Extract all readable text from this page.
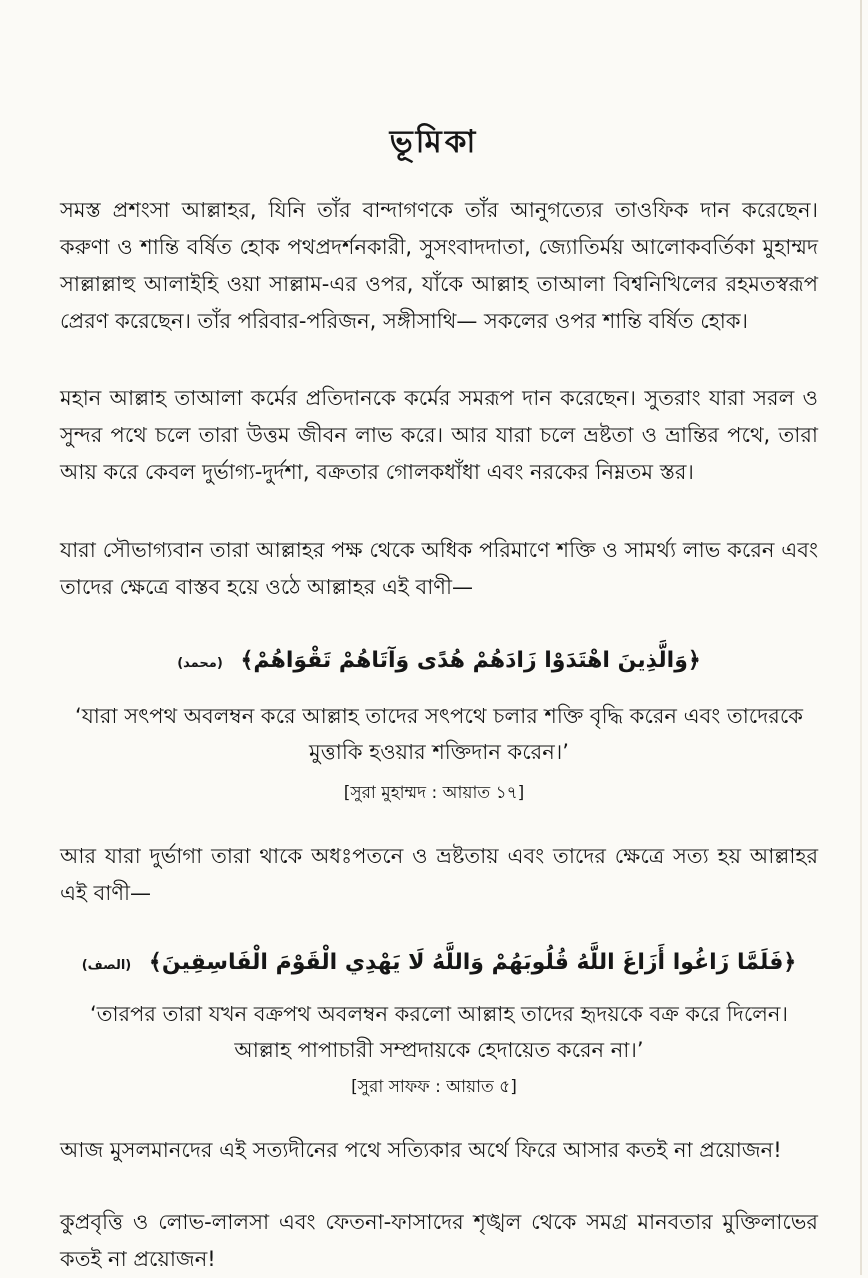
ভূমিকা

সমস্ত প্রশংসা আল্লাহর, যিনি তাঁর বান্দাগণকে তাঁর আনুগত্যের তাওফিক দান করেছেন। করুণা ও শান্তি বর্ষিত হোক পথপ্রদর্শনকারী, সুসংবাদদাতা, জ্যোতির্ময় আলোকবর্তিকা মুহাম্মদ সাল্লাল্লাহু আলাইহি ওয়া সাল্লাম-এর ওপর, যাঁকে আল্লাহ তাআলা বিশ্বনিখিলের রহমতস্বরূপ প্রেরণ করেছেন। তাঁর পরিবার-পরিজন, সঙ্গীসাথি— সকলের ওপর শান্তি বর্ষিত হোক।

মহান আল্লাহ তাআলা কর্মের প্রতিদানকে কর্মের সমরূপ দান করেছেন। সুতরাং যারা সরল ও সুন্দর পথে চলে তারা উত্তম জীবন লাভ করে। আর যারা চলে ভ্রষ্টতা ও ভ্রান্তির পথে, তারা আয় করে কেবল দুর্ভাগ্য-দুর্দশা, বক্রতার গোলকধাঁধা এবং নরকের নিম্নতম স্তর।

যারা সৌভাগ্যবান তারা আল্লাহর পক্ষ থেকে অধিক পরিমাণে শক্তি ও সামর্থ্য লাভ করেন এবং তাদের ক্ষেত্রে বাস্তব হয়ে ওঠে আল্লাহর এই বাণী—

﴿وَالَّذِينَ اهْتَدَوْا زَادَهُمْ هُدًى وَآتَاهُمْ تَقْوَاهُمْ﴾ (محمد)

‘যারা সৎপথ অবলম্বন করে আল্লাহ তাদের সৎপথে চলার শক্তি বৃদ্ধি করেন এবং তাদেরকে মুত্তাকি হওয়ার শক্তিদান করেন।’

[সুরা মুহাম্মদ : আয়াত ১৭]

আর যারা দুর্ভাগা তারা থাকে অধঃপতনে ও ভ্রষ্টতায় এবং তাদের ক্ষেত্রে সত্য হয় আল্লাহর এই বাণী—

﴿فَلَمَّا زَاغُوا أَزَاغَ اللَّهُ قُلُوبَهُمْ وَاللَّهُ لَا يَهْدِي الْقَوْمَ الْفَاسِقِينَ﴾ (الصف)

‘তারপর তারা যখন বক্রপথ অবলম্বন করলো আল্লাহ তাদের হৃদয়কে বক্র করে দিলেন। আল্লাহ পাপাচারী সম্প্রদায়কে হেদায়েত করেন না।’

[সুরা সাফফ : আয়াত ৫]

আজ মুসলমানদের এই সত্যদীনের পথে সত্যিকার অর্থে ফিরে আসার কতই না প্রয়োজন!

কুপ্রবৃত্তি ও লোভ-লালসা এবং ফেতনা-ফাসাদের শৃঙ্খল থেকে সমগ্র মানবতার মুক্তিলাভের কতই না প্রয়োজন!
